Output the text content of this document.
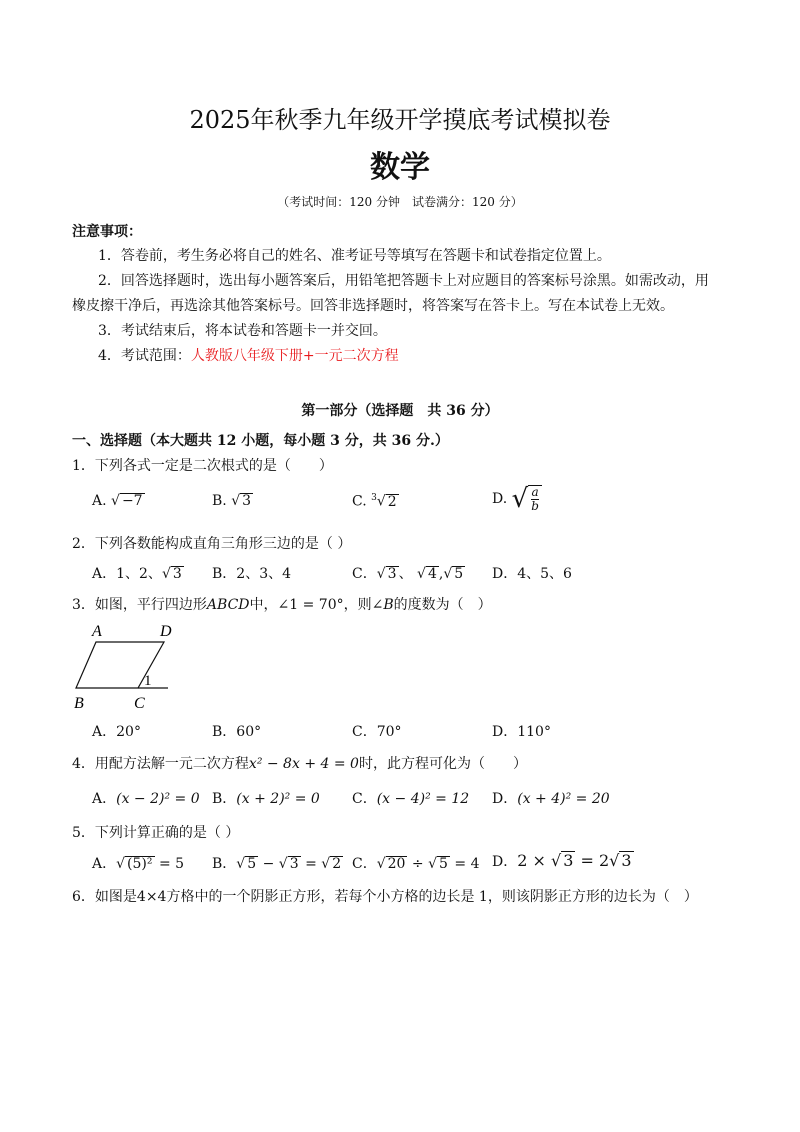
2025年秋季九年级开学摸底考试模拟卷
数学
（考试时间：120 分钟　试卷满分：120 分）
注意事项：
1．答卷前，考生务必将自己的姓名、准考证号等填写在答题卡和试卷指定位置上。
2．回答选择题时，选出每小题答案后，用铅笔把答题卡上对应题目的答案标号涂黑。如需改动，用
橡皮擦干净后，再选涂其他答案标号。回答非选择题时，将答案写在答卡上。写在本试卷上无效。
3．考试结束后，将本试卷和答题卡一并交回。
4．考试范围：人教版八年级下册+一元二次方程
第一部分（选择题　共 36 分）
一、选择题（本大题共 12 小题，每小题 3 分，共 36 分.）
1．下列各式一定是二次根式的是（　　）
A. √ −7	B. √ 3	C. $^3$√ 2	D. √ $\frac{a}{b}$
2．下列各数能构成直角三角形三边的是（ ）
A．1、2、√ 3 B．2、3、4	C．√ 3 、 √ 4 ,√ 5 D．4、5、6
3．如图，平行四边形ABCD中，∠1 = 70°，则∠B的度数为（　）
A	D
B	C
1
A．20°	B．60°	C．70°	D．110°
4．用配方法解一元二次方程x² − 8x + 4 = 0时，此方程可化为（　　）
A．(x − 2)² = 0 B．(x + 2)² = 0 C．(x − 4)² = 12 D．(x + 4)² = 20
5．下列计算正确的是（ ）
A．√ (5)² = 5 B．√ 5 − √ 3 = √ 2 C．√ 20 ÷ √ 5 = 4 D．2 × √ 3 = 2√ 3
6．如图是4×4方格中的一个阴影正方形，若每个小方格的边长是 1，则该阴影正方形的边长为（　）
